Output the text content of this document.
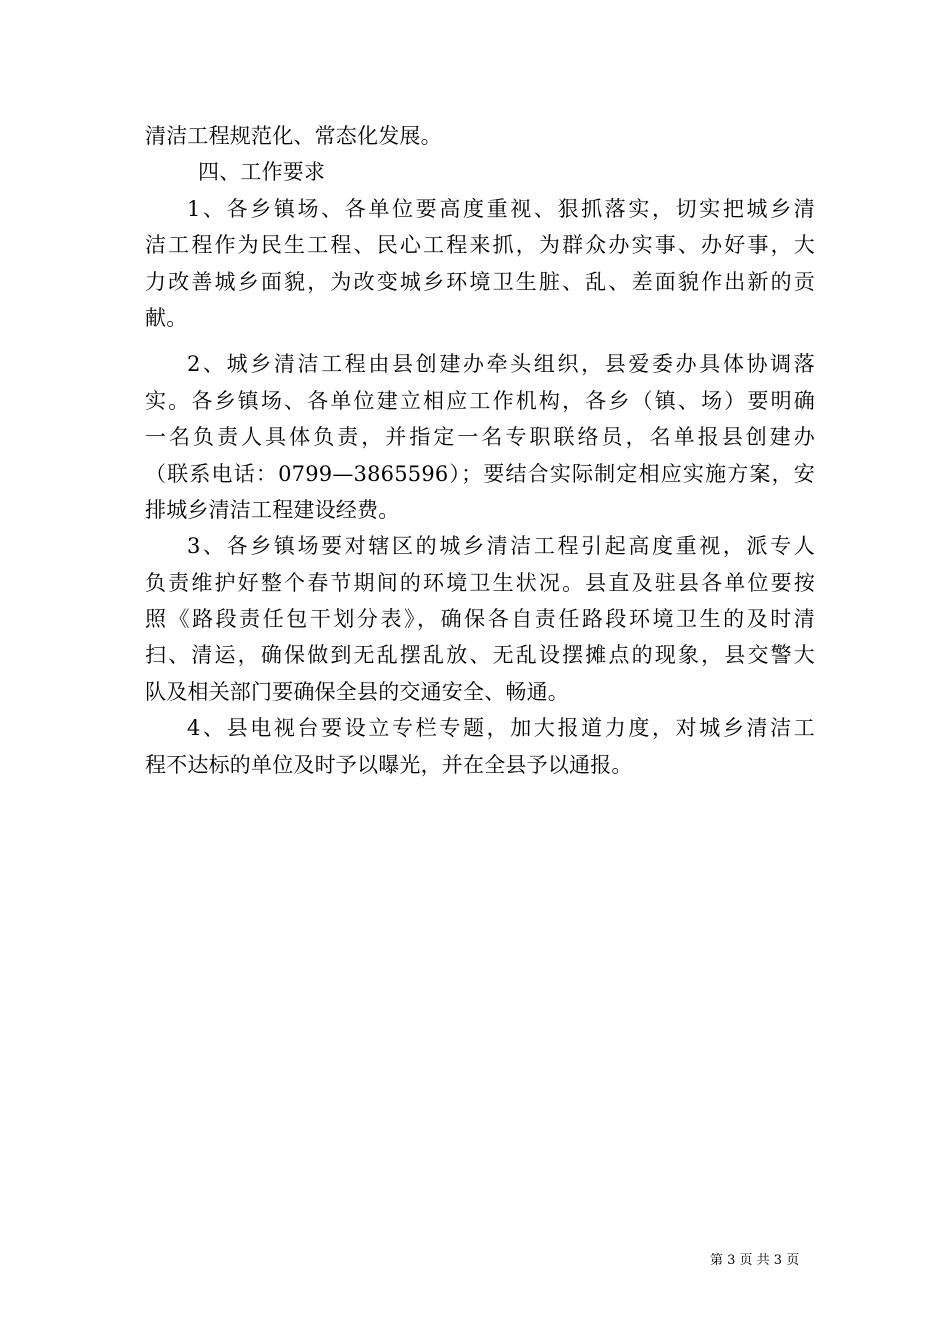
清洁工程规范化、常态化发展。
四、工作要求
1、各乡镇场、各单位要高度重视、狠抓落实，切实把城乡清
洁工程作为民生工程、民心工程来抓，为群众办实事、办好事，大
力改善城乡面貌，为改变城乡环境卫生脏、乱、差面貌作出新的贡
献。
2、城乡清洁工程由县创建办牵头组织，县爱委办具体协调落
实。各乡镇场、各单位建立相应工作机构，各乡（镇、场）要明确
一名负责人具体负责，并指定一名专职联络员，名单报县创建办
（联系电话：0799—3865596）；要结合实际制定相应实施方案，安
排城乡清洁工程建设经费。
3、各乡镇场要对辖区的城乡清洁工程引起高度重视，派专人
负责维护好整个春节期间的环境卫生状况。县直及驻县各单位要按
照《路段责任包干划分表》，确保各自责任路段环境卫生的及时清
扫、清运，确保做到无乱摆乱放、无乱设摆摊点的现象，县交警大
队及相关部门要确保全县的交通安全、畅通。
4、县电视台要设立专栏专题，加大报道力度，对城乡清洁工
程不达标的单位及时予以曝光，并在全县予以通报。
第 3 页 共 3 页
